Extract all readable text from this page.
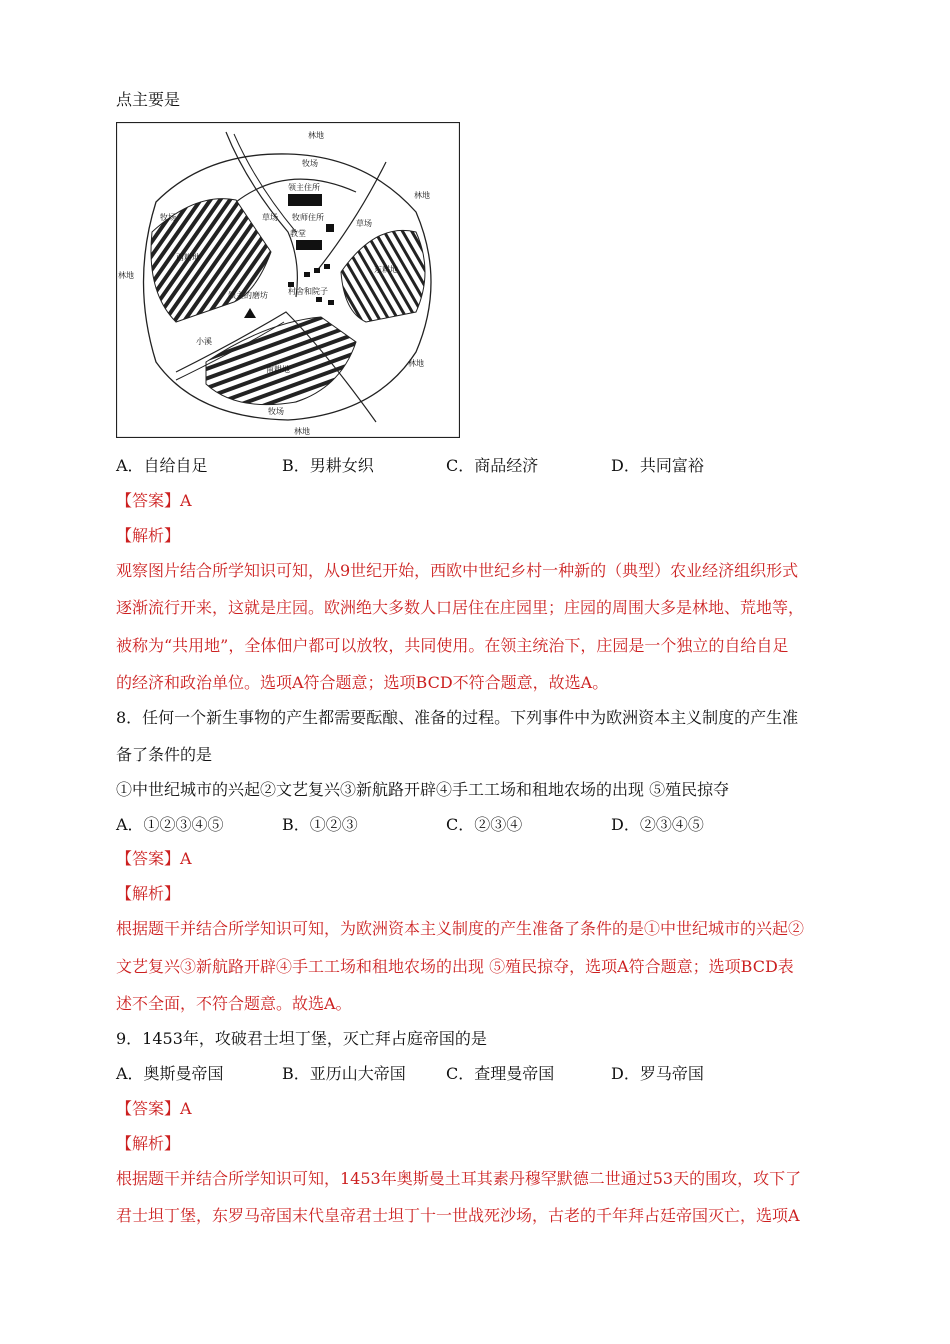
点主要是
林地
牧场
领主住所
牧师住所
教堂
草场
草场
牧场
西耕地
东耕地
林地
林地
林地
村舍和院子
领主的磨坊
小溪
南耕地
牧场
林地
A．自给自足	B．男耕女织	C．商品经济	D．共同富裕
【答案】A
【解析】
观察图片结合所学知识可知，从9世纪开始，西欧中世纪乡村一种新的（典型）农业经济组织形式
逐渐流行开来，这就是庄园。欧洲绝大多数人口居住在庄园里；庄园的周围大多是林地、荒地等，
被称为“共用地”，全体佃户都可以放牧，共同使用。在领主统治下，庄园是一个独立的自给自足
的经济和政治单位。选项A符合题意；选项BCD不符合题意，故选A。
8．任何一个新生事物的产生都需要酝酿、准备的过程。下列事件中为欧洲资本主义制度的产生准
备了条件的是
①中世纪城市的兴起②文艺复兴③新航路开辟④手工工场和租地农场的出现 ⑤殖民掠夺
A．①②③④⑤	B．①②③	C．②③④	D．②③④⑤
【答案】A
【解析】
根据题干并结合所学知识可知，为欧洲资本主义制度的产生准备了条件的是①中世纪城市的兴起②
文艺复兴③新航路开辟④手工工场和租地农场的出现 ⑤殖民掠夺，选项A符合题意；选项BCD表
述不全面，不符合题意。故选A。
9．1453年，攻破君士坦丁堡，灭亡拜占庭帝国的是
A．奥斯曼帝国	B．亚历山大帝国	C．查理曼帝国	D．罗马帝国
【答案】A
【解析】
根据题干并结合所学知识可知，1453年奥斯曼土耳其素丹穆罕默德二世通过53天的围攻，攻下了
君士坦丁堡，东罗马帝国末代皇帝君士坦丁十一世战死沙场，古老的千年拜占廷帝国灭亡，选项A
